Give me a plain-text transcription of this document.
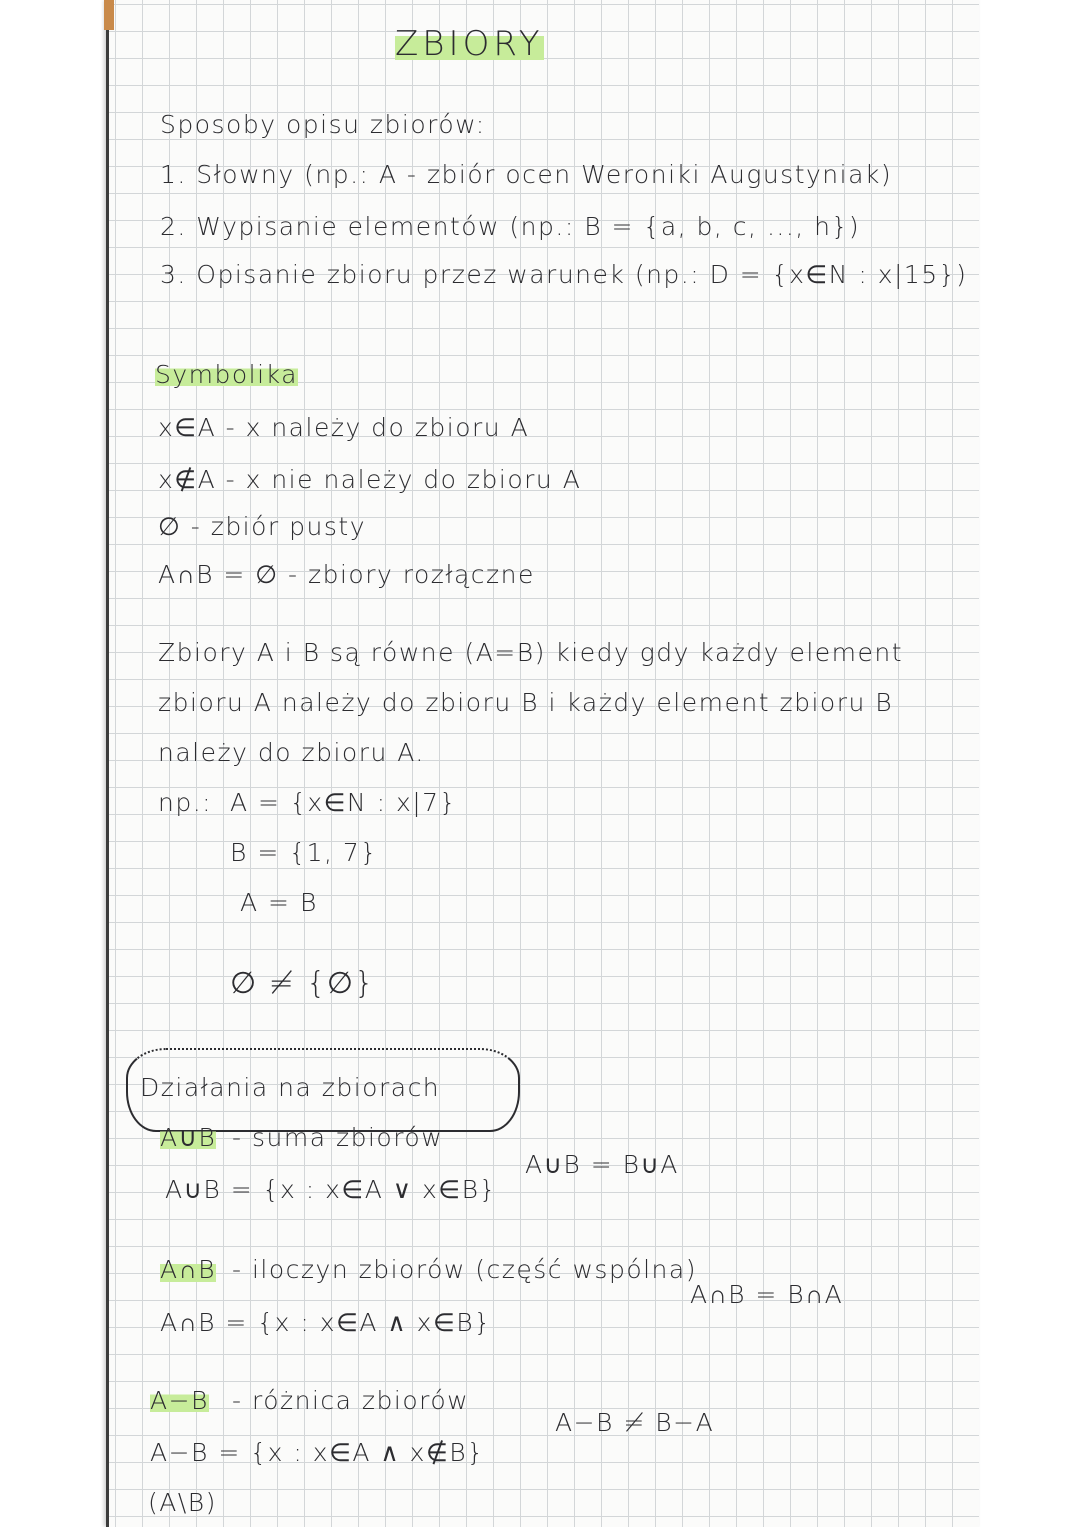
ZBIORY
Sposoby opisu zbiorów:
1. Słowny (np.: A - zbiór ocen Weroniki Augustyniak)
2. Wypisanie elementów (np.: B = {a, b, c, ..., h})
3. Opisanie zbioru przez warunek (np.: D = {x∈N : x|15})
Symbolika
x∈A - x należy do zbioru A
x∉A - x nie należy do zbioru A
∅ - zbiór pusty
A∩B = ∅ - zbiory rozłączne
Zbiory A i B są równe (A=B) kiedy gdy każdy element
zbioru A należy do zbioru B i każdy element zbioru B
należy do zbioru A.
np.: A = {x∈N : x|7}
B = {1, 7}
A = B
∅ ≠ {∅}
Działania na zbiorach
A∪B - suma zbiorów
A∪B = {x : x∈A ∨ x∈B}
A∪B = B∪A
A∩B - iloczyn zbiorów (część wspólna)
A∩B = {x : x∈A ∧ x∈B}
A∩B = B∩A
A−B - różnica zbiorów
A−B = {x : x∈A ∧ x∉B}
A−B ≠ B−A
(A\B)
